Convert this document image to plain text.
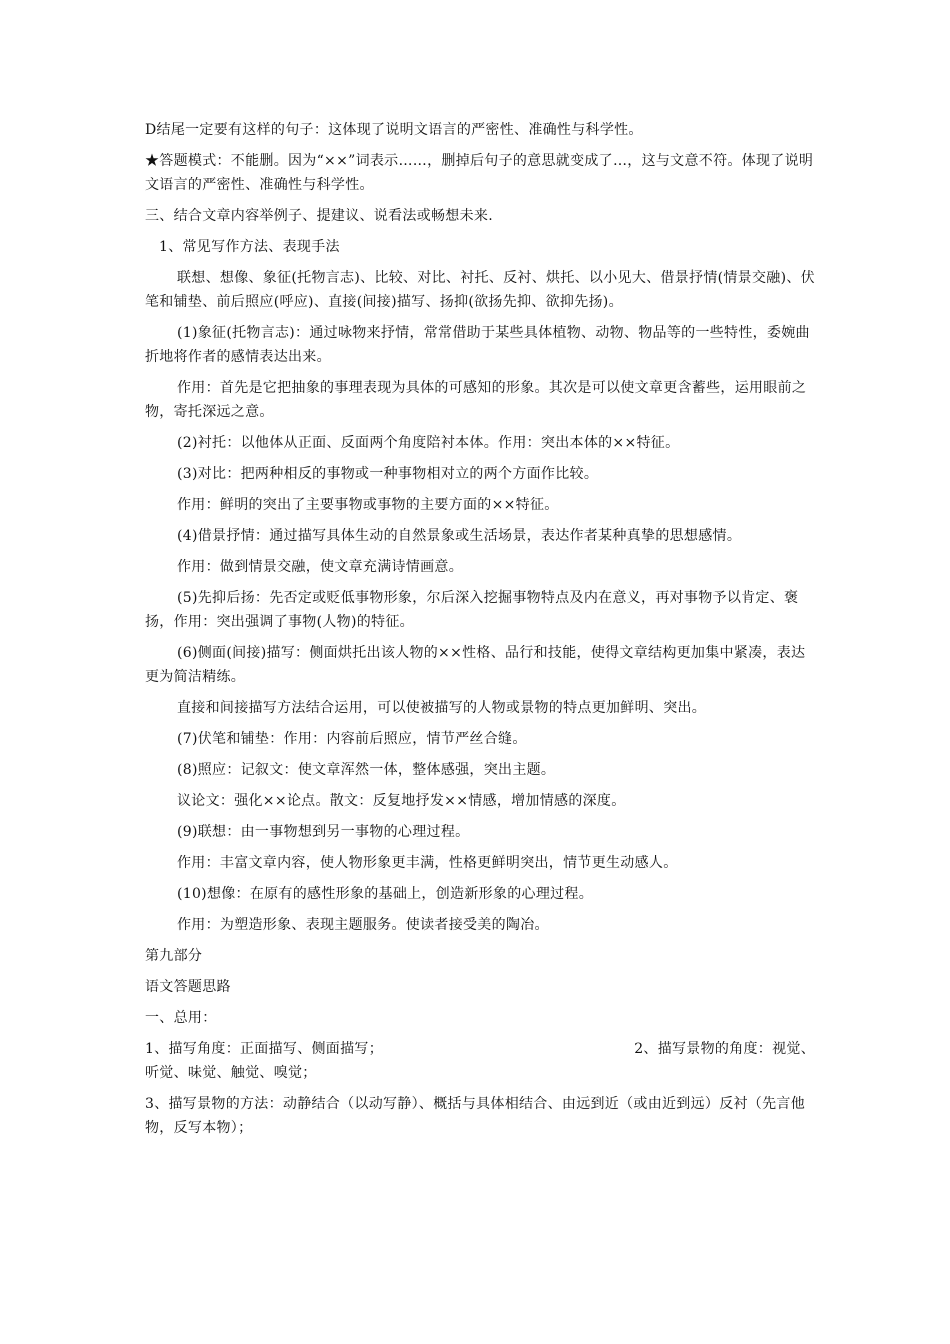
D结尾一定要有这样的句子：这体现了说明文语言的严密性、准确性与科学性。

★答题模式：不能删。因为“××”词表示……，删掉后句子的意思就变成了…，这与文意不符。体现了说明文语言的严密性、准确性与科学性。

三、结合文章内容举例子、提建议、说看法或畅想未来.

1、常见写作方法、表现手法

联想、想像、象征(托物言志)、比较、对比、衬托、反衬、烘托、以小见大、借景抒情(情景交融)、伏笔和铺垫、前后照应(呼应)、直接(间接)描写、扬抑(欲扬先抑、欲抑先扬)。

(1)象征(托物言志)：通过咏物来抒情，常常借助于某些具体植物、动物、物品等的一些特性，委婉曲折地将作者的感情表达出来。

作用：首先是它把抽象的事理表现为具体的可感知的形象。其次是可以使文章更含蓄些，运用眼前之物，寄托深远之意。

(2)衬托：以他体从正面、反面两个角度陪衬本体。作用：突出本体的××特征。

(3)对比：把两种相反的事物或一种事物相对立的两个方面作比较。

作用：鲜明的突出了主要事物或事物的主要方面的××特征。

(4)借景抒情：通过描写具体生动的自然景象或生活场景，表达作者某种真挚的思想感情。

作用：做到情景交融，使文章充满诗情画意。

(5)先抑后扬：先否定或贬低事物形象，尔后深入挖掘事物特点及内在意义，再对事物予以肯定、褒扬，作用：突出强调了事物(人物)的特征。

(6)侧面(间接)描写：侧面烘托出该人物的××性格、品行和技能，使得文章结构更加集中紧凑，表达更为简洁精练。

直接和间接描写方法结合运用，可以使被描写的人物或景物的特点更加鲜明、突出。

(7)伏笔和铺垫：作用：内容前后照应，情节严丝合缝。

(8)照应：记叙文：使文章浑然一体，整体感强，突出主题。

议论文：强化××论点。散文：反复地抒发××情感，增加情感的深度。

(9)联想：由一事物想到另一事物的心理过程。

作用：丰富文章内容，使人物形象更丰满，性格更鲜明突出，情节更生动感人。

(10)想像：在原有的感性形象的基础上，创造新形象的心理过程。

作用：为塑造形象、表现主题服务。使读者接受美的陶冶。

第九部分

语文答题思路

一、总用：

1、描写角度：正面描写、侧面描写；	2、描写景物的角度：视觉、
听觉、味觉、触觉、嗅觉；

3、描写景物的方法：动静结合（以动写静）、概括与具体相结合、由远到近（或由近到远）反衬（先言他物，反写本物）；
